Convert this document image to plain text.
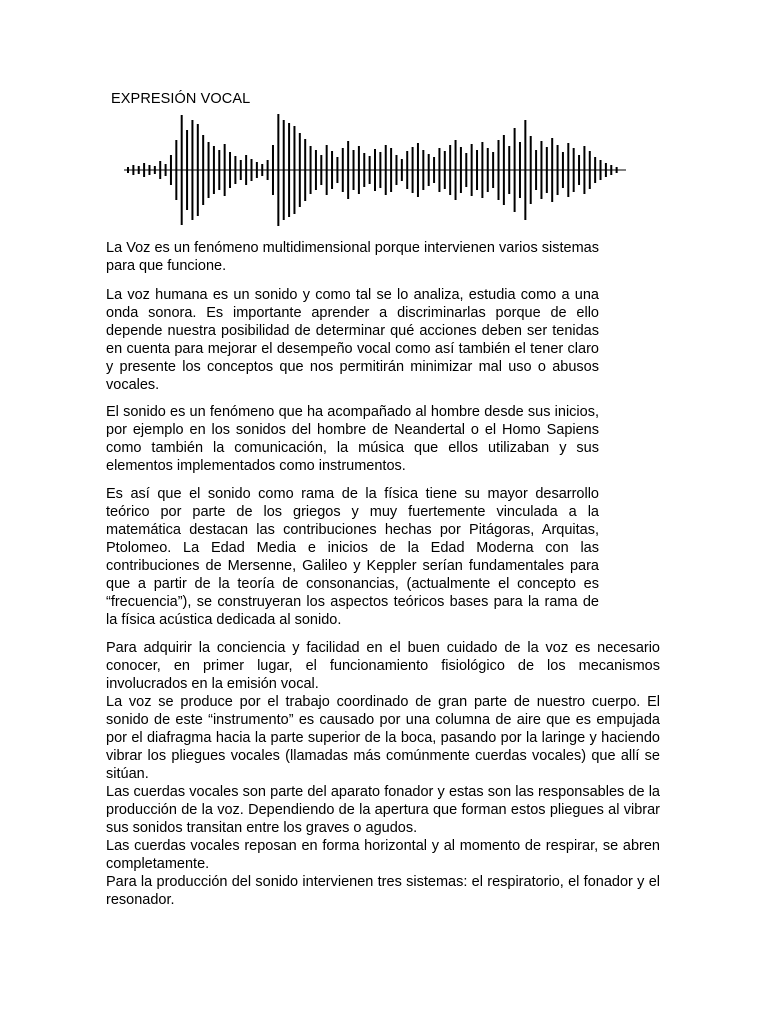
EXPRESIÓN VOCAL

La Voz es un fenómeno multidimensional porque intervienen varios sistemas para que funcione.

La voz humana es un sonido y como tal se lo analiza, estudia como a una onda sonora. Es importante aprender a discriminarlas porque de ello depende nuestra posibilidad de determinar qué acciones deben ser tenidas en cuenta para mejorar el desempeño vocal como así también el tener claro y presente los conceptos que nos permitirán minimizar mal uso o abusos vocales.

El sonido es un fenómeno que ha acompañado al hombre desde sus inicios, por ejemplo en los sonidos del hombre de Neandertal o el Homo Sapiens como también la comunicación, la música que ellos utilizaban y sus elementos implementados como instrumentos.

Es así que el sonido como rama de la física tiene su mayor desarrollo teórico por parte de los griegos y muy fuertemente vinculada a la matemática destacan las contribuciones hechas por Pitágoras, Arquitas, Ptolomeo. La Edad Media e inicios de la Edad Moderna con las contribuciones de Mersenne, Galileo y Keppler serían fundamentales para que a partir de la teoría de consonancias, (actualmente el concepto es “frecuencia”), se construyeran los aspectos teóricos bases para la rama de la física acústica dedicada al sonido.

Para adquirir la conciencia y facilidad en el buen cuidado de la voz es necesario conocer, en primer lugar, el funcionamiento fisiológico de los mecanismos involucrados en la emisión vocal.
La voz se produce por el trabajo coordinado de gran parte de nuestro cuerpo. El sonido de este “instrumento” es causado por una columna de aire que es empujada por el diafragma hacia la parte superior de la boca, pasando por la laringe y haciendo vibrar los pliegues vocales (llamadas más comúnmente cuerdas vocales) que allí se sitúan.
Las cuerdas vocales son parte del aparato fonador y estas son las responsables de la producción de la voz. Dependiendo de la apertura que forman estos pliegues al vibrar sus sonidos transitan entre los graves o agudos.
Las cuerdas vocales reposan en forma horizontal y al momento de respirar, se abren completamente.
Para la producción del sonido intervienen tres sistemas: el respiratorio, el fonador y el resonador.
